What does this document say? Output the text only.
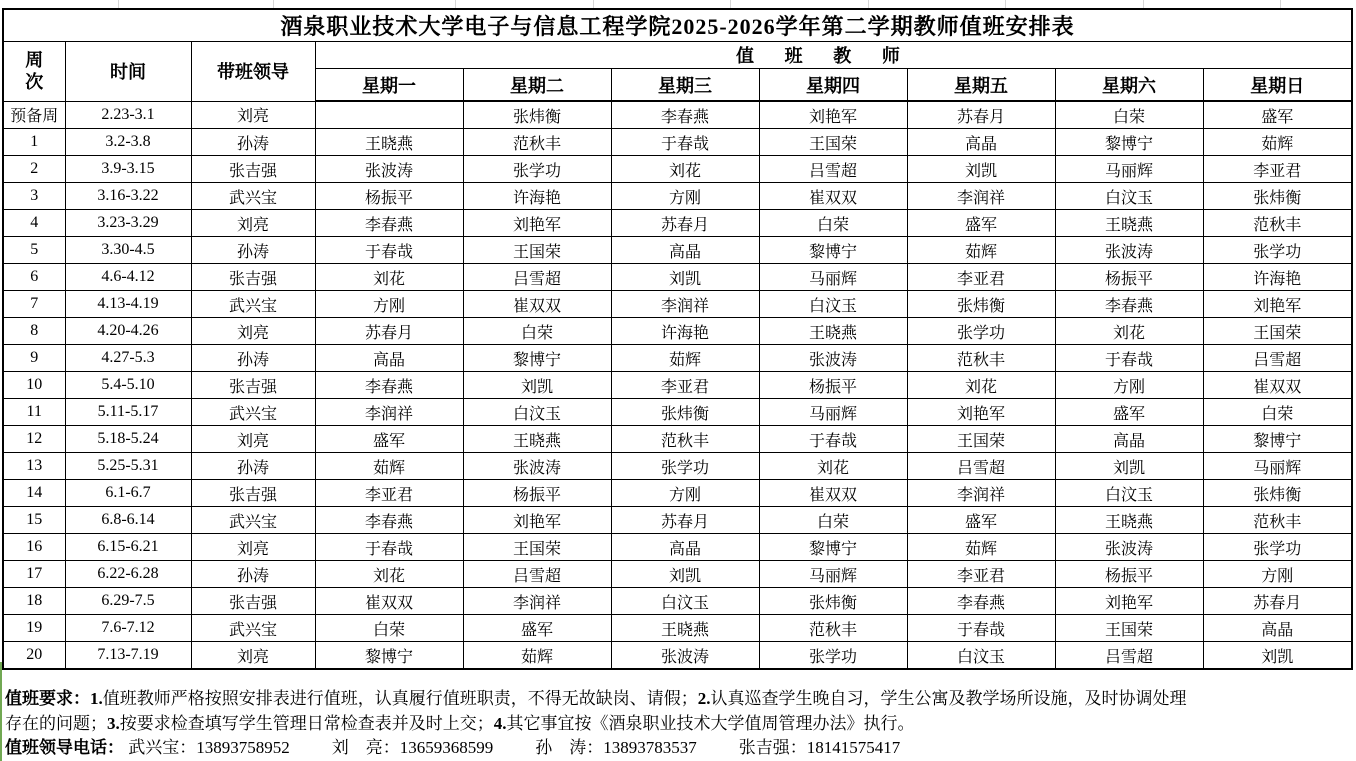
酒泉职业技术大学电子与信息工程学院2025-2026学年第二学期教师值班安排表									
周次	时间	带班领导	值班教师						
			星期一	星期二	星期三	星期四	星期五	星期六	星期日
预备周	2.23-3.1	刘亮		张炜衡	李春燕	刘艳军	苏春月	白荣	盛军
1	3.2-3.8	孙涛	王晓燕	范秋丰	于春哉	王国荣	高晶	黎博宁	茹辉
2	3.9-3.15	张吉强	张波涛	张学功	刘花	吕雪超	刘凯	马丽辉	李亚君
3	3.16-3.22	武兴宝	杨振平	许海艳	方刚	崔双双	李润祥	白汶玉	张炜衡
4	3.23-3.29	刘亮	李春燕	刘艳军	苏春月	白荣	盛军	王晓燕	范秋丰
5	3.30-4.5	孙涛	于春哉	王国荣	高晶	黎博宁	茹辉	张波涛	张学功
6	4.6-4.12	张吉强	刘花	吕雪超	刘凯	马丽辉	李亚君	杨振平	许海艳
7	4.13-4.19	武兴宝	方刚	崔双双	李润祥	白汶玉	张炜衡	李春燕	刘艳军
8	4.20-4.26	刘亮	苏春月	白荣	许海艳	王晓燕	张学功	刘花	王国荣
9	4.27-5.3	孙涛	高晶	黎博宁	茹辉	张波涛	范秋丰	于春哉	吕雪超
10	5.4-5.10	张吉强	李春燕	刘凯	李亚君	杨振平	刘花	方刚	崔双双
11	5.11-5.17	武兴宝	李润祥	白汶玉	张炜衡	马丽辉	刘艳军	盛军	白荣
12	5.18-5.24	刘亮	盛军	王晓燕	范秋丰	于春哉	王国荣	高晶	黎博宁
13	5.25-5.31	孙涛	茹辉	张波涛	张学功	刘花	吕雪超	刘凯	马丽辉
14	6.1-6.7	张吉强	李亚君	杨振平	方刚	崔双双	李润祥	白汶玉	张炜衡
15	6.8-6.14	武兴宝	李春燕	刘艳军	苏春月	白荣	盛军	王晓燕	范秋丰
16	6.15-6.21	刘亮	于春哉	王国荣	高晶	黎博宁	茹辉	张波涛	张学功
17	6.22-6.28	孙涛	刘花	吕雪超	刘凯	马丽辉	李亚君	杨振平	方刚
18	6.29-7.5	张吉强	崔双双	李润祥	白汶玉	张炜衡	李春燕	刘艳军	苏春月
19	7.6-7.12	武兴宝	白荣	盛军	王晓燕	范秋丰	于春哉	王国荣	高晶
20	7.13-7.19	刘亮	黎博宁	茹辉	张波涛	张学功	白汶玉	吕雪超	刘凯
值班要求：1.值班教师严格按照安排表进行值班，认真履行值班职责，不得无故缺岗、请假；2.认真巡查学生晚自习，学生公寓及教学场所设施，及时协调处理
存在的问题；3.按要求检查填写学生管理日常检查表并及时上交；4.其它事宜按《酒泉职业技术大学值周管理办法》执行。
值班领导电话： 武兴宝：13893758952 刘　亮：13659368599 孙　涛：13893783537 张吉强：18141575417
